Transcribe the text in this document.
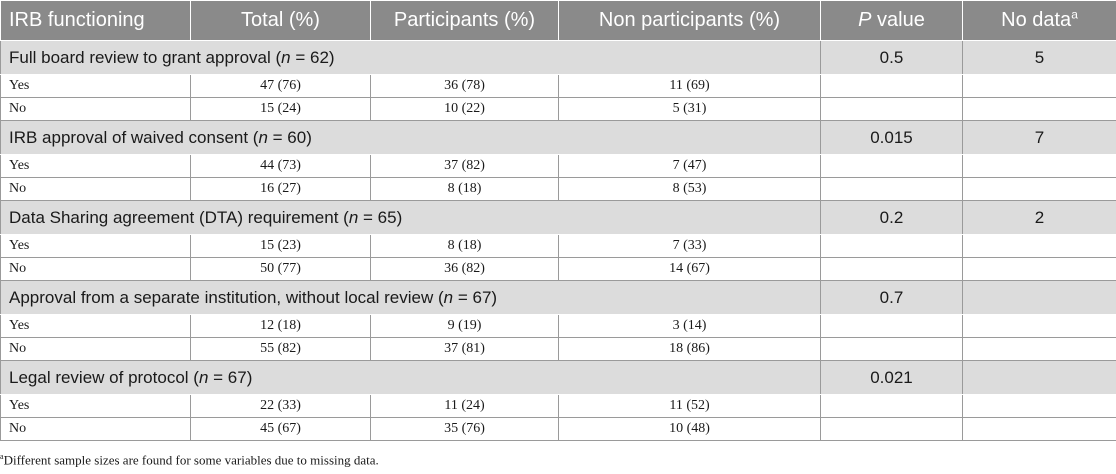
IRB functioning	Total (%)	Participants (%)	Non participants (%)	P value	No data$^a$
Full board review to grant approval (n = 62)				0.5	5
Yes	47 (76)	36 (78)	11 (69)		
No	15 (24)	10 (22)	5 (31)		
IRB approval of waived consent (n = 60)				0.015	7
Yes	44 (73)	37 (82)	7 (47)		
No	16 (27)	8 (18)	8 (53)		
Data Sharing agreement (DTA) requirement (n = 65)				0.2	2
Yes	15 (23)	8 (18)	7 (33)		
No	50 (77)	36 (82)	14 (67)		
Approval from a separate institution, without local review (n = 67)				0.7	
Yes	12 (18)	9 (19)	3 (14)		
No	55 (82)	37 (81)	18 (86)		
Legal review of protocol (n = 67)				0.021	
Yes	22 (33)	11 (24)	11 (52)		
No	45 (67)	35 (76)	10 (48)		
$^a$Different sample sizes are found for some variables due to missing data.
